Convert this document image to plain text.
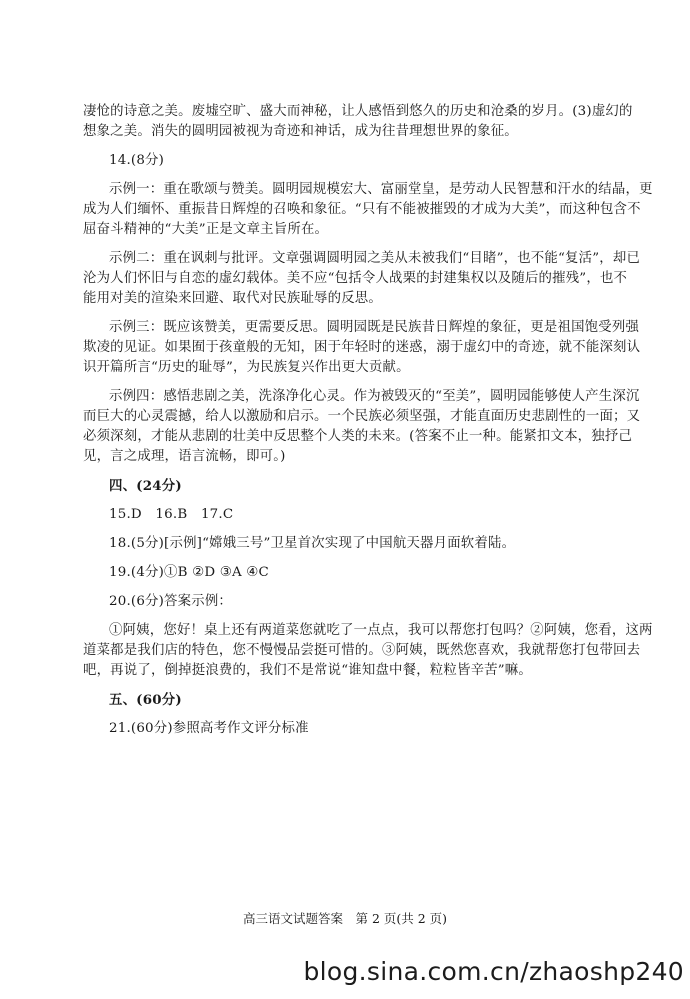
凄怆的诗意之美。废墟空旷、盛大而神秘，让人感悟到悠久的历史和沧桑的岁月。(3)虚幻的
想象之美。消失的圆明园被视为奇迹和神话，成为往昔理想世界的象征。
14.(8分)
示例一：重在歌颂与赞美。圆明园规模宏大、富丽堂皇，是劳动人民智慧和汗水的结晶，更
成为人们缅怀、重振昔日辉煌的召唤和象征。“只有不能被摧毁的才成为大美”，而这种包含不
屈奋斗精神的“大美”正是文章主旨所在。
示例二：重在讽刺与批评。文章强调圆明园之美从未被我们“目睹”，也不能“复活”，却已
沦为人们怀旧与自恋的虚幻载体。美不应“包括令人战栗的封建集权以及随后的摧残”，也不
能用对美的渲染来回避、取代对民族耻辱的反思。
示例三：既应该赞美，更需要反思。圆明园既是民族昔日辉煌的象征，更是祖国饱受列强
欺凌的见证。如果囿于孩童般的无知，困于年轻时的迷惑，溺于虚幻中的奇迹，就不能深刻认
识开篇所言“历史的耻辱”，为民族复兴作出更大贡献。
示例四：感悟悲剧之美，洗涤净化心灵。作为被毁灭的“至美”，圆明园能够使人产生深沉
而巨大的心灵震撼，给人以激励和启示。一个民族必须坚强，才能直面历史悲剧性的一面；又
必须深刻，才能从悲剧的壮美中反思整个人类的未来。(答案不止一种。能紧扣文本，独抒己
见，言之成理，语言流畅，即可。)
四、(24分)
15.D　16.B　17.C
18.(5分)[示例]“嫦娥三号”卫星首次实现了中国航天器月面软着陆。
19.(4分)①B ②D ③A ④C
20.(6分)答案示例：
①阿姨，您好！桌上还有两道菜您就吃了一点点，我可以帮您打包吗？②阿姨，您看，这两
道菜都是我们店的特色，您不慢慢品尝挺可惜的。③阿姨，既然您喜欢，我就帮您打包带回去
吧，再说了，倒掉挺浪费的，我们不是常说“谁知盘中餐，粒粒皆辛苦”嘛。
五、(60分)
21.(60分)参照高考作文评分标准
高三语文试题答案　第 2 页(共 2 页)
blog.sina.com.cn/zhaoshp240
